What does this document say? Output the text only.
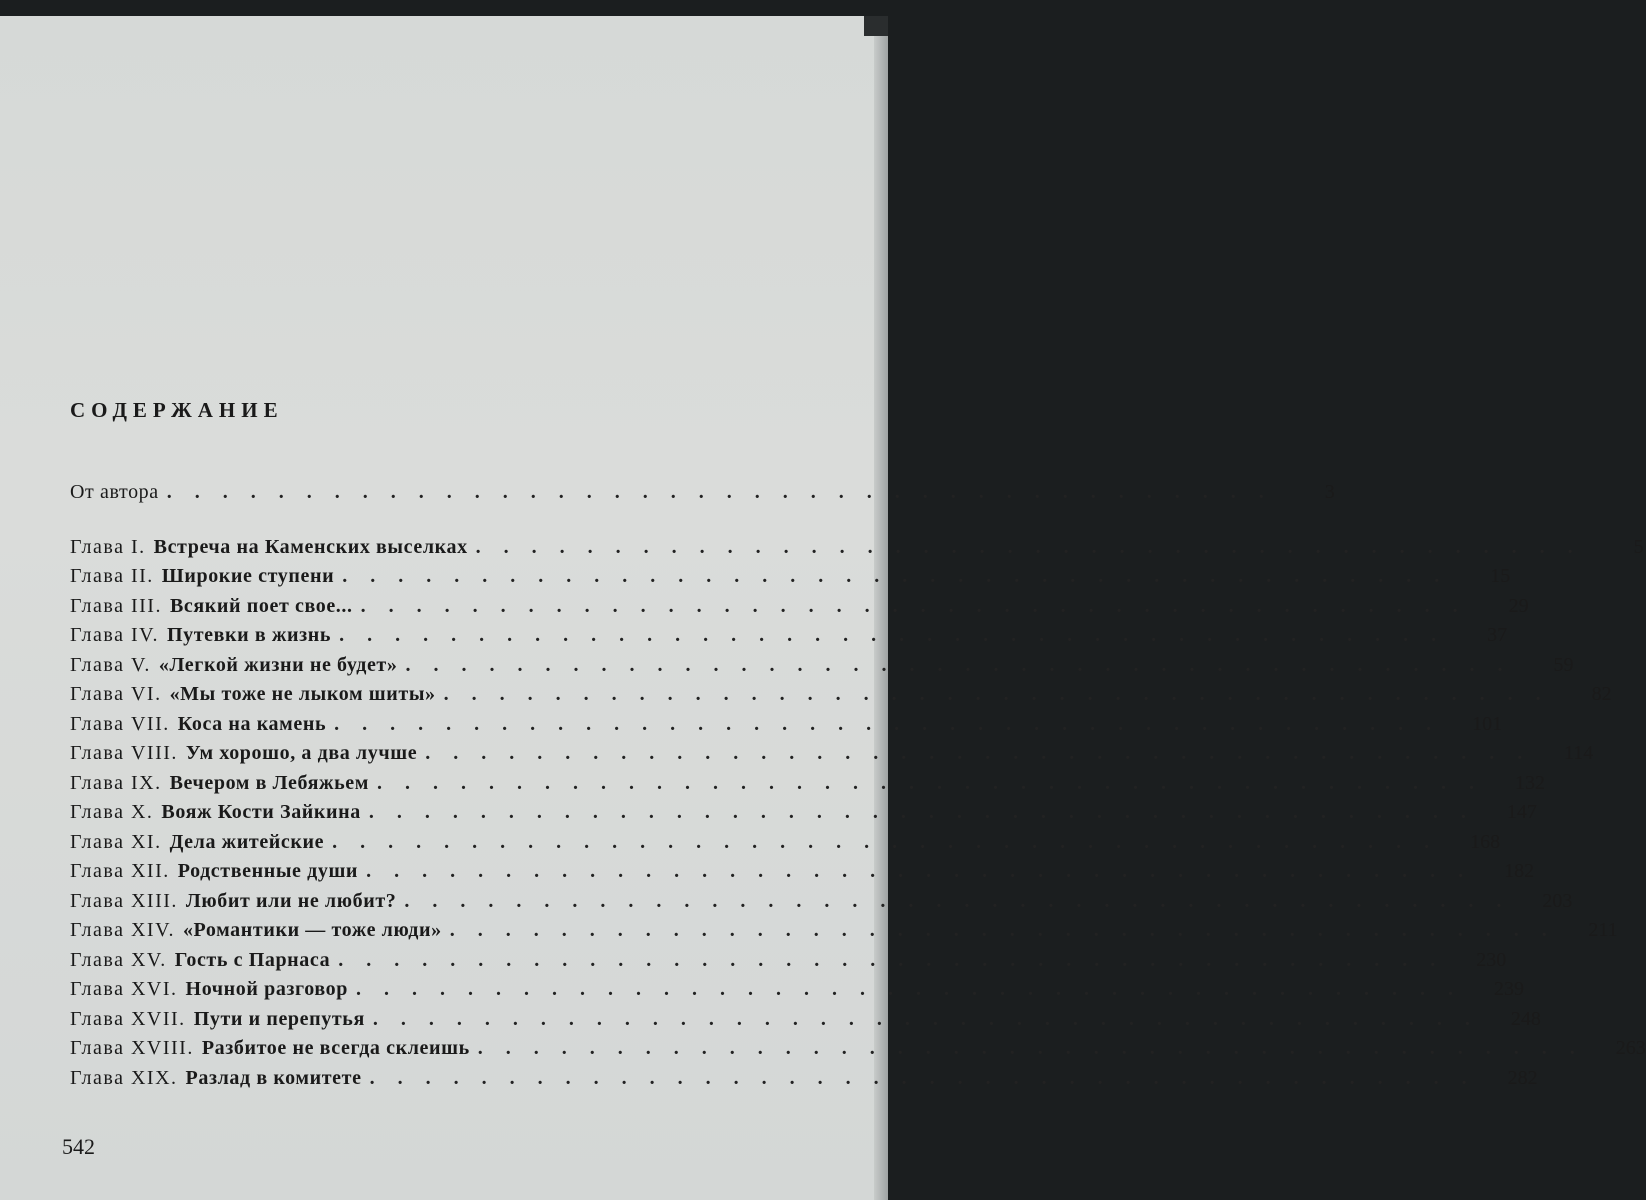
СОДЕРЖАНИЕ
От автора . . . . . . . . . . . . . . . . . . . . . . . . . . . . . . . . . . . . . . . .	3
Глава I. Встреча на Каменских выселках . . . . . . . . . . . . . . . . . . . . . . . . . . . . . . . . . . . . . . . .	5
Глава II. Широкие ступени . . . . . . . . . . . . . . . . . . . . . . . . . . . . . . . . . . . . . . . .	15
Глава III. Всякий поет свое... . . . . . . . . . . . . . . . . . . . . . . . . . . . . . . . . . . . . . . . .	29
Глава IV. Путевки в жизнь . . . . . . . . . . . . . . . . . . . . . . . . . . . . . . . . . . . . . . . .	37
Глава V. «Легкой жизни не будет» . . . . . . . . . . . . . . . . . . . . . . . . . . . . . . . . . . . . . . . .	59
Глава VI. «Мы тоже не лыком шиты» . . . . . . . . . . . . . . . . . . . . . . . . . . . . . . . . . . . . . . . .	82
Глава VII. Коса на камень . . . . . . . . . . . . . . . . . . . . . . . . . . . . . . . . . . . . . . . .	101
Глава VIII. Ум хорошо, а два лучше . . . . . . . . . . . . . . . . . . . . . . . . . . . . . . . . . . . . . . . .	114
Глава IX. Вечером в Лебяжьем . . . . . . . . . . . . . . . . . . . . . . . . . . . . . . . . . . . . . . . .	132
Глава X. Вояж Кости Зайкина . . . . . . . . . . . . . . . . . . . . . . . . . . . . . . . . . . . . . . . .	147
Глава XI. Дела житейские . . . . . . . . . . . . . . . . . . . . . . . . . . . . . . . . . . . . . . . .	168
Глава XII. Родственные души . . . . . . . . . . . . . . . . . . . . . . . . . . . . . . . . . . . . . . . .	182
Глава XIII. Любит или не любит? . . . . . . . . . . . . . . . . . . . . . . . . . . . . . . . . . . . . . . . .	203
Глава XIV. «Романтики — тоже люди» . . . . . . . . . . . . . . . . . . . . . . . . . . . . . . . . . . . . . . . .	211
Глава XV. Гость с Парнаса . . . . . . . . . . . . . . . . . . . . . . . . . . . . . . . . . . . . . . . .	230
Глава XVI. Ночной разговор . . . . . . . . . . . . . . . . . . . . . . . . . . . . . . . . . . . . . . . .	239
Глава XVII. Пути и перепутья . . . . . . . . . . . . . . . . . . . . . . . . . . . . . . . . . . . . . . . .	248
Глава XVIII. Разбитое не всегда склеишь . . . . . . . . . . . . . . . . . . . . . . . . . . . . . . . . . . . . . . . .	263
Глава XIX. Разлад в комитете . . . . . . . . . . . . . . . . . . . . . . . . . . . . . . . . . . . . . . . .	282
542
